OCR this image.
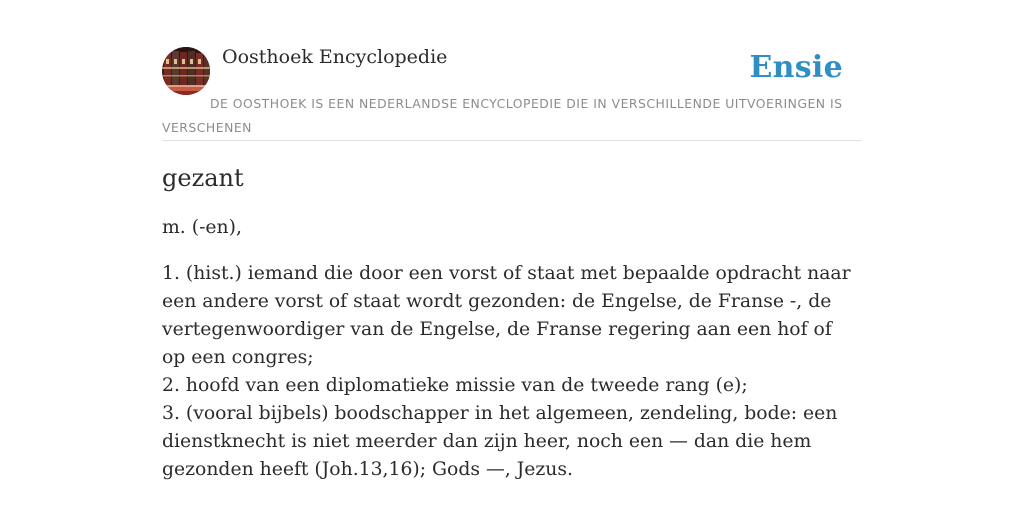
Oosthoek Encyclopedie	Ensie
DE OOSTHOEK IS EEN NEDERLANDSE ENCYCLOPEDIE DIE IN VERSCHILLENDE UITVOERINGEN IS VERSCHENEN
gezant

m. (-en),

1. (hist.) iemand die door een vorst of staat met bepaalde opdracht naar een andere vorst of staat wordt gezonden: de Engelse, de Franse -, de vertegenwoordiger van de Engelse, de Franse regering aan een hof of op een congres;
2. hoofd van een diplomatieke missie van de tweede rang (e);
3. (vooral bijbels) boodschapper in het algemeen, zendeling, bode: een dienstknecht is niet meerder dan zijn heer, noch een — dan die hem gezonden heeft (Joh.13,16); Gods —, Jezus.
